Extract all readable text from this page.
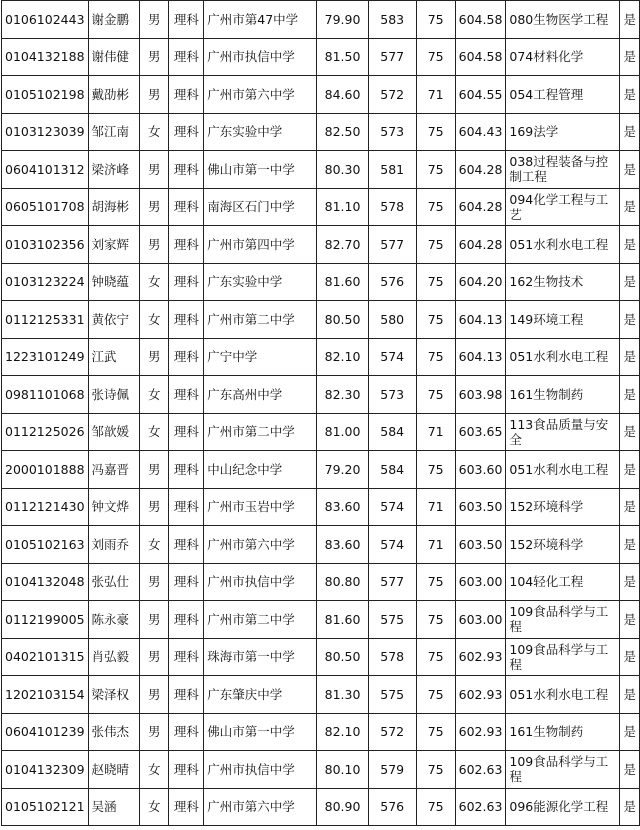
0106102443	谢金鹏	男	理科	广州市第47中学	79.90	583	75	604.58	080生物医学工程	是
0104132188	谢伟健	男	理科	广州市执信中学	81.50	577	75	604.58	074材料化学	是
0105102198	戴劭彬	男	理科	广州市第六中学	84.60	572	71	604.55	054工程管理	是
0103123039	邹江南	女	理科	广东实验中学	82.50	573	75	604.43	169法学	是
0604101312	梁济峰	男	理科	佛山市第一中学	80.30	581	75	604.28	038过程装备与控制工程	是
0605101708	胡海彬	男	理科	南海区石门中学	81.10	578	75	604.28	094化学工程与工艺	是
0103102356	刘家辉	男	理科	广州市第四中学	82.70	577	75	604.28	051水利水电工程	是
0103123224	钟晓蕴	女	理科	广东实验中学	81.60	576	75	604.20	162生物技术	是
0112125331	黄依宁	女	理科	广州市第二中学	80.50	580	75	604.13	149环境工程	是
1223101249	江武	男	理科	广宁中学	82.10	574	75	604.13	051水利水电工程	是
0981101068	张诗佩	女	理科	广东高州中学	82.30	573	75	603.98	161生物制药	是
0112125026	邹歆媛	女	理科	广州市第二中学	81.00	584	71	603.65	113食品质量与安全	是
2000101888	冯嘉晋	男	理科	中山纪念中学	79.20	584	75	603.60	051水利水电工程	是
0112121430	钟文烨	男	理科	广州市玉岩中学	83.60	574	71	603.50	152环境科学	是
0105102163	刘雨乔	女	理科	广州市第六中学	83.60	574	71	603.50	152环境科学	是
0104132048	张弘仕	男	理科	广州市执信中学	80.80	577	75	603.00	104轻化工程	是
0112199005	陈永豪	男	理科	广州市第二中学	81.60	575	75	603.00	109食品科学与工程	是
0402101315	肖弘毅	男	理科	珠海市第一中学	80.50	578	75	602.93	109食品科学与工程	是
1202103154	梁泽权	男	理科	广东肇庆中学	81.30	575	75	602.93	051水利水电工程	是
0604101239	张伟杰	男	理科	佛山市第一中学	82.10	572	75	602.93	161生物制药	是
0104132309	赵晓晴	女	理科	广州市执信中学	80.10	579	75	602.63	109食品科学与工程	是
0105102121	吴涵	女	理科	广州市第六中学	80.90	576	75	602.63	096能源化学工程	是
